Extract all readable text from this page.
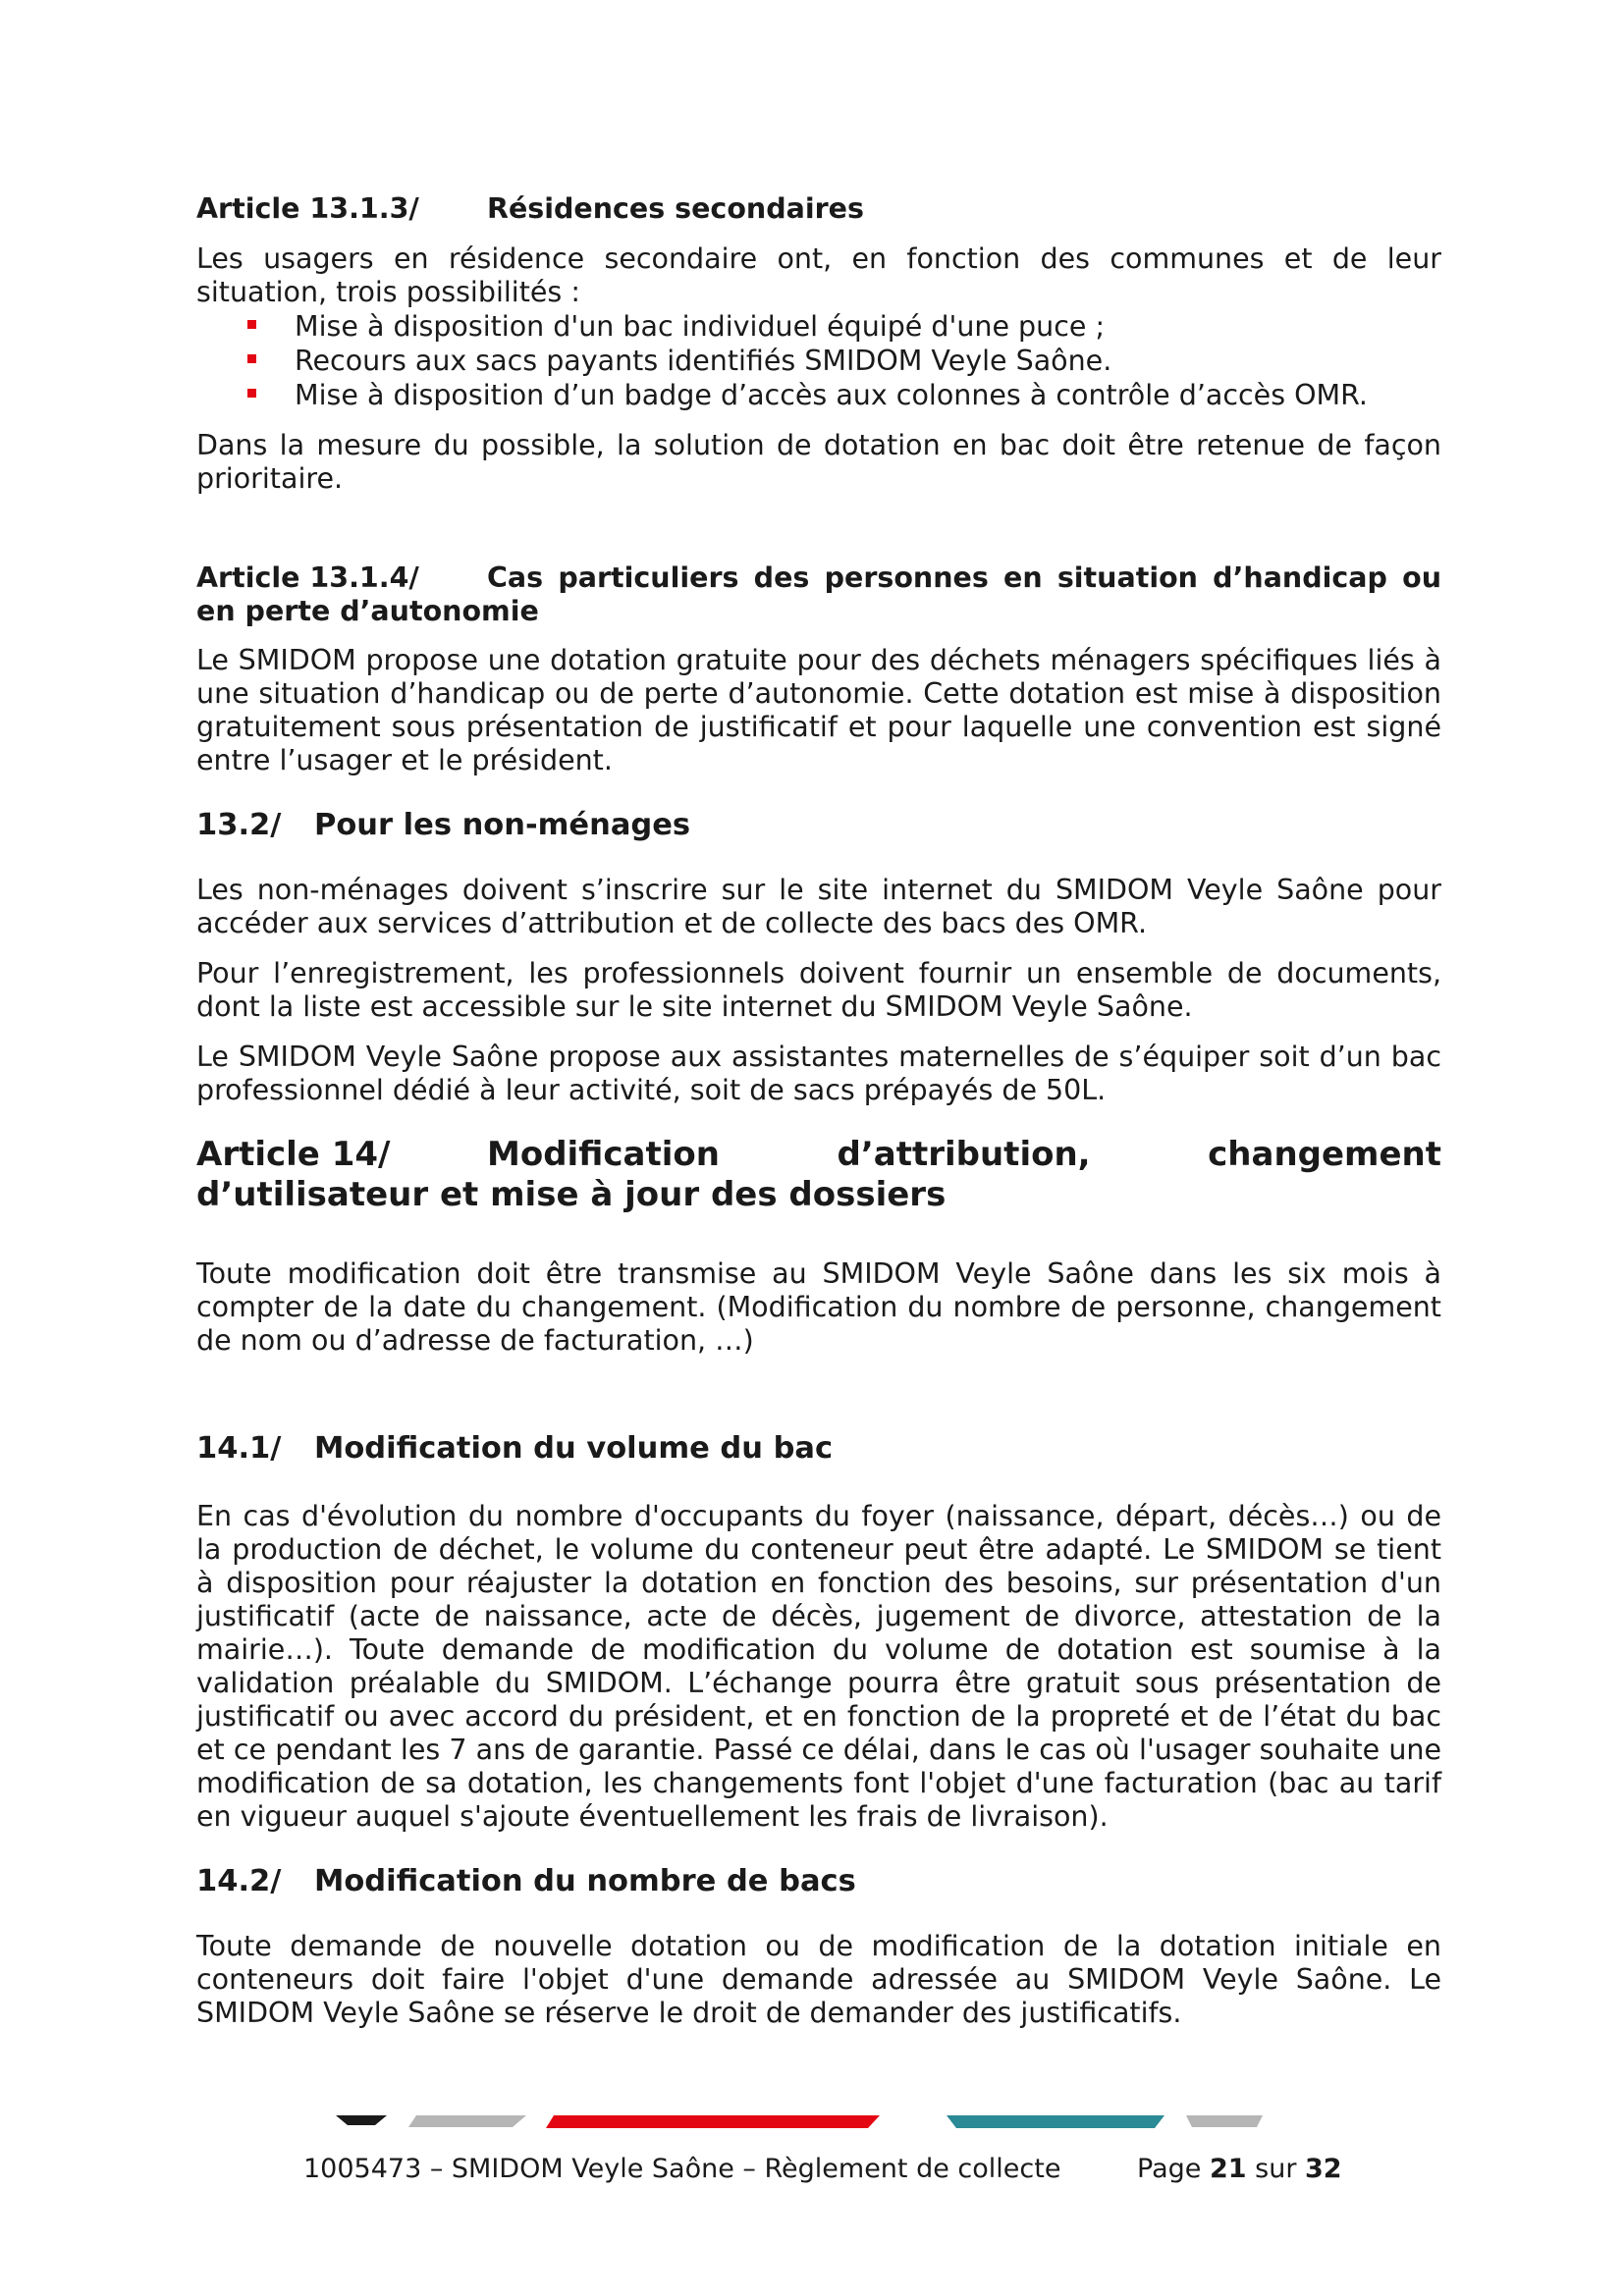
Article 13.1.3/	Résidences secondaires

Les usagers en résidence secondaire ont, en fonction des communes et de leur situation, trois possibilités :

Mise à disposition d'un bac individuel équipé d'une puce ;
Recours aux sacs payants identifiés SMIDOM Veyle Saône.
Mise à disposition d’un badge d’accès aux colonnes à contrôle d’accès OMR.

Dans la mesure du possible, la solution de dotation en bac doit être retenue de façon prioritaire.

Article 13.1.4/ Cas particuliers des personnes en situation d’handicap ou en perte d’autonomie

Le SMIDOM propose une dotation gratuite pour des déchets ménagers spécifiques liés à une situation d’handicap ou de perte d’autonomie. Cette dotation est mise à disposition gratuitement sous présentation de justificatif et pour laquelle une convention est signé entre l’usager et le président.

13.2/ Pour les non-ménages

Les non-ménages doivent s’inscrire sur le site internet du SMIDOM Veyle Saône pour accéder aux services d’attribution et de collecte des bacs des OMR.

Pour l’enregistrement, les professionnels doivent fournir un ensemble de documents, dont la liste est accessible sur le site internet du SMIDOM Veyle Saône.

Le SMIDOM Veyle Saône propose aux assistantes maternelles de s’équiper soit d’un bac professionnel dédié à leur activité, soit de sacs prépayés de 50L.

Article 14/	Modification d’attribution, changement d’utilisateur et mise à jour des dossiers

Toute modification doit être transmise au SMIDOM Veyle Saône dans les six mois à compter de la date du changement. (Modification du nombre de personne, changement de nom ou d’adresse de facturation, …)

14.1/ Modification du volume du bac

En cas d'évolution du nombre d'occupants du foyer (naissance, départ, décès…) ou de la production de déchet, le volume du conteneur peut être adapté. Le SMIDOM se tient à disposition pour réajuster la dotation en fonction des besoins, sur présentation d'un justificatif (acte de naissance, acte de décès, jugement de divorce, attestation de la mairie…). Toute demande de modification du volume de dotation est soumise à la validation préalable du SMIDOM. L’échange pourra être gratuit sous présentation de justificatif ou avec accord du président, et en fonction de la propreté et de l’état du bac et ce pendant les 7 ans de garantie. Passé ce délai, dans le cas où l'usager souhaite une modification de sa dotation, les changements font l'objet d'une facturation (bac au tarif en vigueur auquel s'ajoute éventuellement les frais de livraison).

14.2/ Modification du nombre de bacs

Toute demande de nouvelle dotation ou de modification de la dotation initiale en conteneurs doit faire l'objet d'une demande adressée au SMIDOM Veyle Saône. Le SMIDOM Veyle Saône se réserve le droit de demander des justificatifs.

1005473 – SMIDOM Veyle Saône – Règlement de collecte	Page 21 sur 32
